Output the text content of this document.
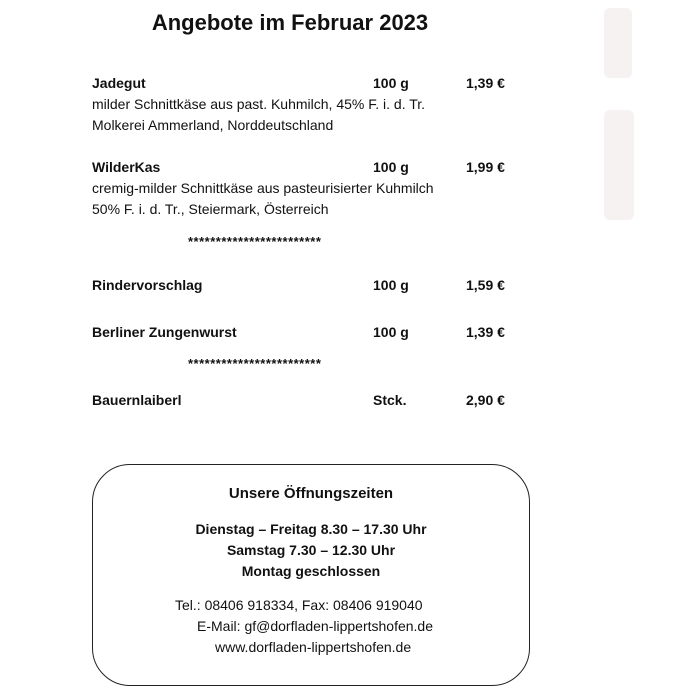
Angebote im Februar 2023
Jadegut	100 g	1,39 €
milder Schnittkäse aus past. Kuhmilch, 45% F. i. d. Tr.
Molkerei Ammerland, Norddeutschland
WilderKas	100 g	1,99 €
cremig-milder Schnittkäse aus pasteurisierter Kuhmilch
50% F. i. d. Tr., Steiermark, Österreich
************************
Rindervorschlag	100 g	1,59 €
Berliner Zungenwurst	100 g	1,39 €
************************
Bauernlaiberl	Stck.	2,90 €
Unsere Öffnungszeiten
Dienstag – Freitag 8.30 – 17.30 Uhr
Samstag 7.30 – 12.30 Uhr
Montag geschlossen
Tel.: 08406 918334, Fax: 08406 919040
E-Mail: gf@dorfladen-lippertshofen.de
www.dorfladen-lippertshofen.de
